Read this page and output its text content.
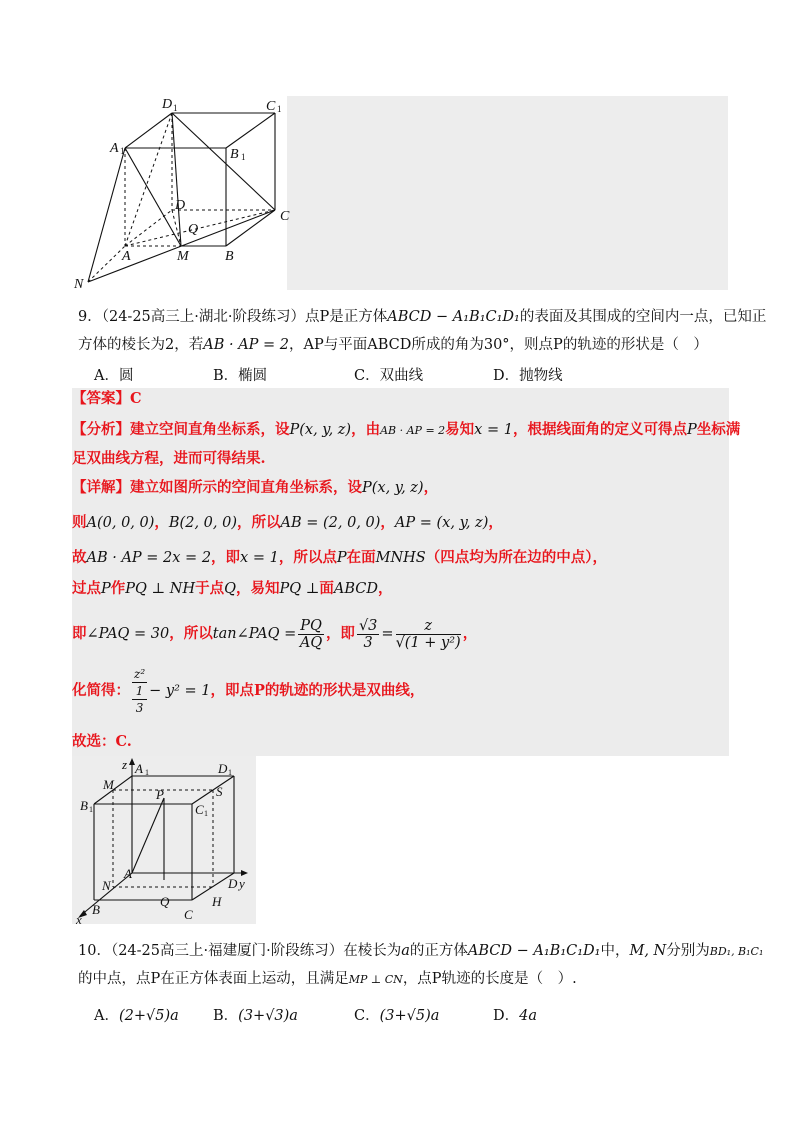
D 1	C 1
A 1	B 1
D
C
Q
A	M	B
N
9．（24-25高三上·湖北·阶段练习）点P是正方体ABCD − A₁B₁C₁D₁的表面及其围成的空间内一点，已知正
方体的棱长为2，若AB · AP = 2，AP与平面ABCD所成的角为30°，则点P的轨迹的形状是（　）
A．圆	B．椭圆	C．双曲线	D．抛物线
【答案】C
【分析】建立空间直角坐标系，设P(x, y, z)，由AB · AP = 2易知x = 1，根据线面角的定义可得点P坐标满
足双曲线方程，进而可得结果.
【详解】建立如图所示的空间直角坐标系，设P(x, y, z)，
则A(0, 0, 0)，B(2, 0, 0)，所以AB = (2, 0, 0)，AP = (x, y, z)，
故AB · AP = 2x = 2，即x = 1，所以点P在面MNHS（四点均为所在边的中点），
过点P作PQ ⊥ NH于点Q，易知PQ ⊥面ABCD，
即∠PAQ = 30，所以tan∠PAQ = $\frac{PQ}{AQ}$ ，即 $\frac{√3}{3} = \frac{z}{\text{√(1 + y²)}}$ ，
化简得：
z²
1
3
− y² = 1，即点P的轨迹的形状是双曲线，
故选：C.
z A 1	D 1
M
B 1
P	S
C 1
A
N	D y
Q	H
B	C
x
10．（24-25高三上·福建厦门·阶段练习）在棱长为a的正方体ABCD − A₁B₁C₁D₁中，M, N分别为BD₁, B₁C₁
的中点，点P在正方体表面上运动，且满足MP ⊥ CN，点P轨迹的长度是（　）.
A．(2+√5)a B．(3+√3)a	C．(3+√5)a	D．4a
